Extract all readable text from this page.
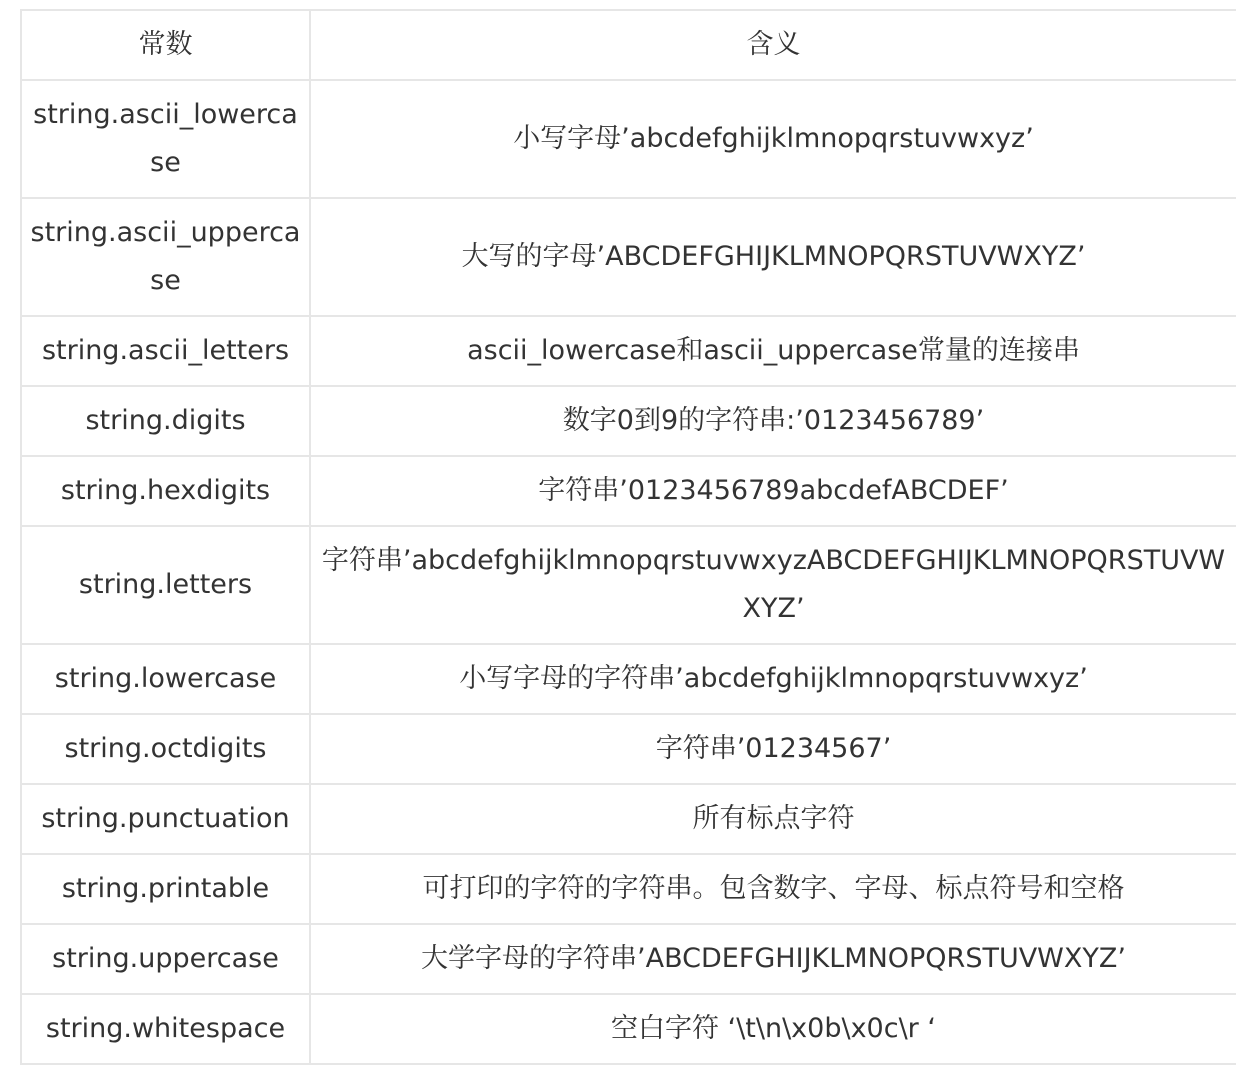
常数	含义
string.ascii_lowercase	小写字母’abcdefghijklmnopqrstuvwxyz’
string.ascii_uppercase	大写的字母’ABCDEFGHIJKLMNOPQRSTUVWXYZ’
string.ascii_letters	ascii_lowercase和ascii_uppercase常量的连接串
string.digits	数字0到9的字符串:’0123456789’
string.hexdigits	字符串’0123456789abcdefABCDEF’
string.letters	字符串’abcdefghijklmnopqrstuvwxyzABCDEFGHIJKLMNOPQRSTUVWXYZ’
string.lowercase	小写字母的字符串’abcdefghijklmnopqrstuvwxyz’
string.octdigits	字符串’01234567’
string.punctuation	所有标点字符
string.printable	可打印的字符的字符串。包含数字、字母、标点符号和空格
string.uppercase	大学字母的字符串’ABCDEFGHIJKLMNOPQRSTUVWXYZ’
string.whitespace	空白字符 ‘\t\n\x0b\x0c\r ‘
